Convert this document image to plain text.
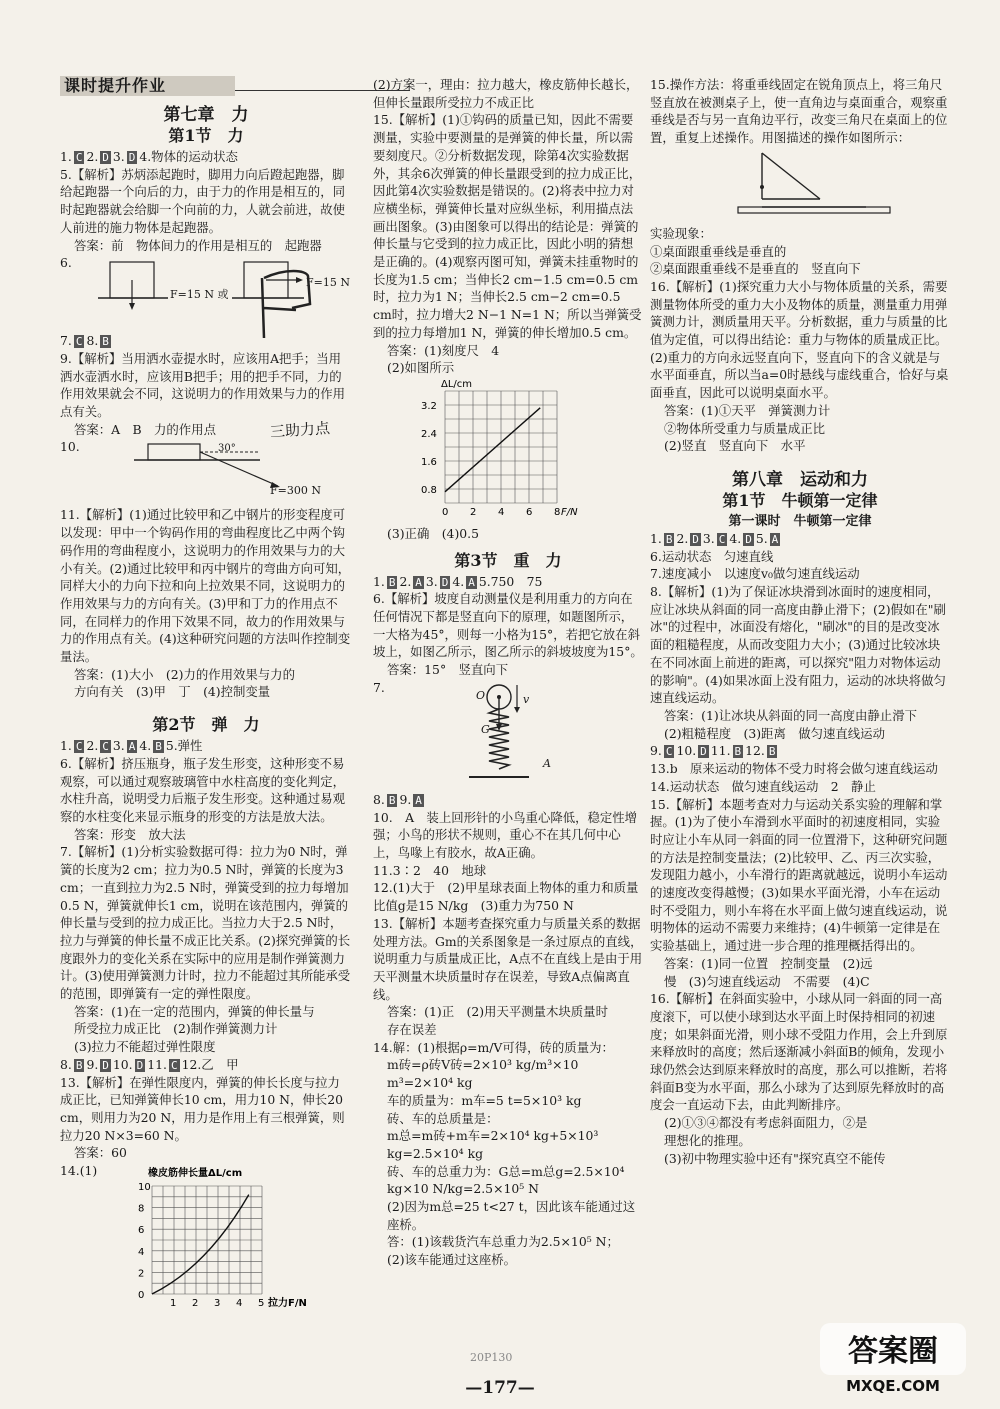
课时提升作业

第七章　力

第1节　力

1. C 2. D 3. D 4.物体的运动状态

5.【解析】苏炳添起跑时，脚用力向后蹬起跑器，脚给起跑器一个向后的力，由于力的作用是相互的，同时起跑器就会给脚一个向前的力，人就会前进，故使人前进的施力物体是起跑器。

答案：前　物体间力的作用是相互的　起跑器

6.
F=15 N 或
F=15 N

7. C 8. B

9.【解析】当用洒水壶提水时，应该用A把手；当用洒水壶洒水时，应该用B把手；用的把手不同，力的作用效果就会不同，这说明力的作用效果与力的作用点有关。

答案：A　B　力的作用点	三助力点
10.	30°
F=300 N

11.【解析】(1)通过比较甲和乙中钢片的形变程度可以发现：甲中一个钩码作用的弯曲程度比乙中两个钩码作用的弯曲程度小，这说明力的作用效果与力的大小有关。(2)通过比较甲和丙中钢片的弯曲方向可知，同样大小的力向下拉和向上拉效果不同，这说明力的作用效果与力的方向有关。(3)甲和丁力的作用点不同，在同样力的作用下效果不同，故力的作用效果与力的作用点有关。(4)这种研究问题的方法叫作控制变量法。

答案：(1)大小　(2)力的作用效果与力的

方向有关　(3)甲　丁　(4)控制变量

第2节　弹　力

1. C 2. C 3. A 4. B 5.弹性

6.【解析】挤压瓶身，瓶子发生形变，这种形变不易观察，可以通过观察玻璃管中水柱高度的变化判定，水柱升高，说明受力后瓶子发生形变。这种通过易观察的水柱变化来显示瓶身的形变的方法是放大法。

答案：形变　放大法

7.【解析】(1)分析实验数据可得：拉力为0 N时，弹簧的长度为2 cm；拉力为0.5 N时，弹簧的长度为3 cm；一直到拉力为2.5 N时，弹簧受到的拉力每增加0.5 N，弹簧就伸长1 cm，说明在该范围内，弹簧的伸长量与受到的拉力成正比。当拉力大于2.5 N时，拉力与弹簧的伸长量不成正比关系。(2)探究弹簧的长度跟外力的变化关系在实际中的应用是制作弹簧测力计。(3)使用弹簧测力计时，拉力不能超过其所能承受的范围，即弹簧有一定的弹性限度。

答案：(1)在一定的范围内，弹簧的伸长量与

所受拉力成正比　(2)制作弹簧测力计

(3)拉力不能超过弹性限度

8. B 9. D 10. D 11. C 12.乙　甲

13.【解析】在弹性限度内，弹簧的伸长长度与拉力成正比，已知弹簧伸长10 cm，用力10 N，伸长20 cm，则用力为20 N，用力是作用上有三根弹簧，则拉力20 N×3=60 N。

答案：60

14.(1)	橡皮筋伸长量ΔL/cm
10
8
6
4
2
0
1 2 3 4 5 拉力F/N

(2)方案一，理由：拉力越大，橡皮筋伸长越长，但伸长量跟所受拉力不成正比

15.【解析】(1)①钩码的质量已知，因此不需要测量，实验中要测量的是弹簧的伸长量，所以需要刻度尺。②分析数据发现，除第4次实验数据外，其余6次弹簧的伸长量跟受到的拉力成正比，因此第4次实验数据是错误的。(2)将表中拉力对应横坐标，弹簧伸长量对应纵坐标，利用描点法画出图象。(3)由图象可以得出的结论是：弹簧的伸长量与它受到的拉力成正比，因此小明的猜想是正确的。(4)观察丙图可知，弹簧未挂重物时的长度为1.5 cm；当伸长2 cm−1.5 cm=0.5 cm时，拉力为1 N；当伸长2.5 cm−2 cm=0.5 cm时，拉力增大2 N−1 N=1 N；所以当弹簧受到的拉力每增加1 N，弹簧的伸长增加0.5 cm。

答案：(1)刻度尺　4

(2)如图所示

ΔL/cm
3.2
2.4
1.6
0.8
0 2 4 6 8 F/N

(3)正确　(4)0.5

第3节　重　力

1. B 2. A 3. D 4. A 5.750　75

6.【解析】坡度自动测量仪是利用重力的方向在任何情况下都是竖直向下的原理，如题图所示，一大格为45°，则每一小格为15°，若把它放在斜坡上，如图乙所示，图乙所示的斜坡坡度为15°。

答案：15°　竖直向下

7.
O
G
A
v

8. B 9. A

10.　A　装上回形针的小鸟重心降低，稳定性增强；小鸟的形状不规则，重心不在其几何中心上，鸟喙上有胶水，故A正确。

11.3∶2　40　地球

12.(1)大于　(2)甲星球表面上物体的重力和质量比值g是15 N/kg　(3)重力为750 N

13.【解析】本题考查探究重力与质量关系的数据处理方法。Gm的关系图象是一条过原点的直线，说明重力与质量成正比，A点不在直线上是由于用天平测量木块质量时存在误差，导致A点偏离直线。

答案：(1)正　(2)用天平测量木块质量时

存在误差

14.解：(1)根据ρ=m/V可得，砖的质量为：

m砖=ρ砖V砖=2×10³ kg/m³×10 m³=2×10⁴ kg

车的质量为：m车=5 t=5×10³ kg

砖、车的总质量是：

m总=m砖+m车=2×10⁴ kg+5×10³ kg=2.5×10⁴ kg

砖、车的总重力为：G总=m总g=2.5×10⁴ kg×10 N/kg=2.5×10⁵ N

(2)因为m总=25 t<27 t，因此该车能通过这座桥。

答：(1)该载货汽车总重力为2.5×10⁵ N；

(2)该车能通过这座桥。

15.操作方法：将重垂线固定在锐角顶点上，将三角尺竖直放在被测桌子上，使一直角边与桌面重合，观察重垂线是否与另一直角边平行，改变三角尺在桌面上的位置，重复上述操作。用图描述的操作如图所示：

实验现象：

①桌面跟重垂线是垂直的

②桌面跟重垂线不是垂直的　竖直向下

16.【解析】(1)探究重力大小与物体质量的关系，需要测量物体所受的重力大小及物体的质量，测量重力用弹簧测力计，测质量用天平。分析数据，重力与质量的比值为定值，可以得出结论：重力与物体的质量成正比。(2)重力的方向永远竖直向下，竖直向下的含义就是与水平面垂直，所以当a=0时悬线与虚线重合，恰好与桌面垂直，因此可以说明桌面水平。

答案：(1)①天平　弹簧测力计

②物体所受重力与质量成正比

(2)竖直　竖直向下　水平

第八章　运动和力

第1节　牛顿第一定律

第一课时　牛顿第一定律

1. B 2. D 3. C 4. D 5. A

6.运动状态　匀速直线

7.速度减小　以速度v₀做匀速直线运动

8.【解析】(1)为了保证冰块滑到冰面时的速度相同，应让冰块从斜面的同一高度由静止滑下；(2)假如在"刷冰"的过程中，冰面没有熔化，"刷冰"的目的是改变冰面的粗糙程度，从而改变阻力大小；(3)通过比较冰块在不同冰面上前进的距离，可以探究"阻力对物体运动的影响"。(4)如果冰面上没有阻力，运动的冰块将做匀速直线运动。

答案：(1)让冰块从斜面的同一高度由静止滑下

(2)粗糙程度　(3)距离　做匀速直线运动

9. C 10. D 11. B 12. B

13.b　原来运动的物体不受力时将会做匀速直线运动

14.运动状态　做匀速直线运动　2　静止

15.【解析】本题考查对力与运动关系实验的理解和掌握。(1)为了使小车滑到水平面时的初速度相同，实验时应让小车从同一斜面的同一位置滑下，这种研究问题的方法是控制变量法；(2)比较甲、乙、丙三次实验，发现阻力越小，小车滑行的距离就越远，说明小车运动的速度改变得越慢；(3)如果水平面光滑，小车在运动时不受阻力，则小车将在水平面上做匀速直线运动，说明物体的运动不需要力来维持；(4)牛顿第一定律是在实验基础上，通过进一步合理的推理概括得出的。

答案：(1)同一位置　控制变量　(2)远

慢　(3)匀速直线运动　不需要　(4)C

16.【解析】在斜面实验中，小球从同一斜面的同一高度滚下，可以使小球到达水平面上时保持相同的初速度；如果斜面光滑，则小球不受阻力作用，会上升到原来释放时的高度；然后逐渐减小斜面B的倾角，发现小球仍然会达到原来释放时的高度，那么可以推断，若将斜面B变为水平面，那么小球为了达到原先释放时的高度会一直运动下去，由此判断排序。

(2)①③④都没有考虑斜面阻力，②是

理想化的推理。

(3)初中物理实验中还有"探究真空不能传

20P130
—177—
答案圈
MXQE.COM
